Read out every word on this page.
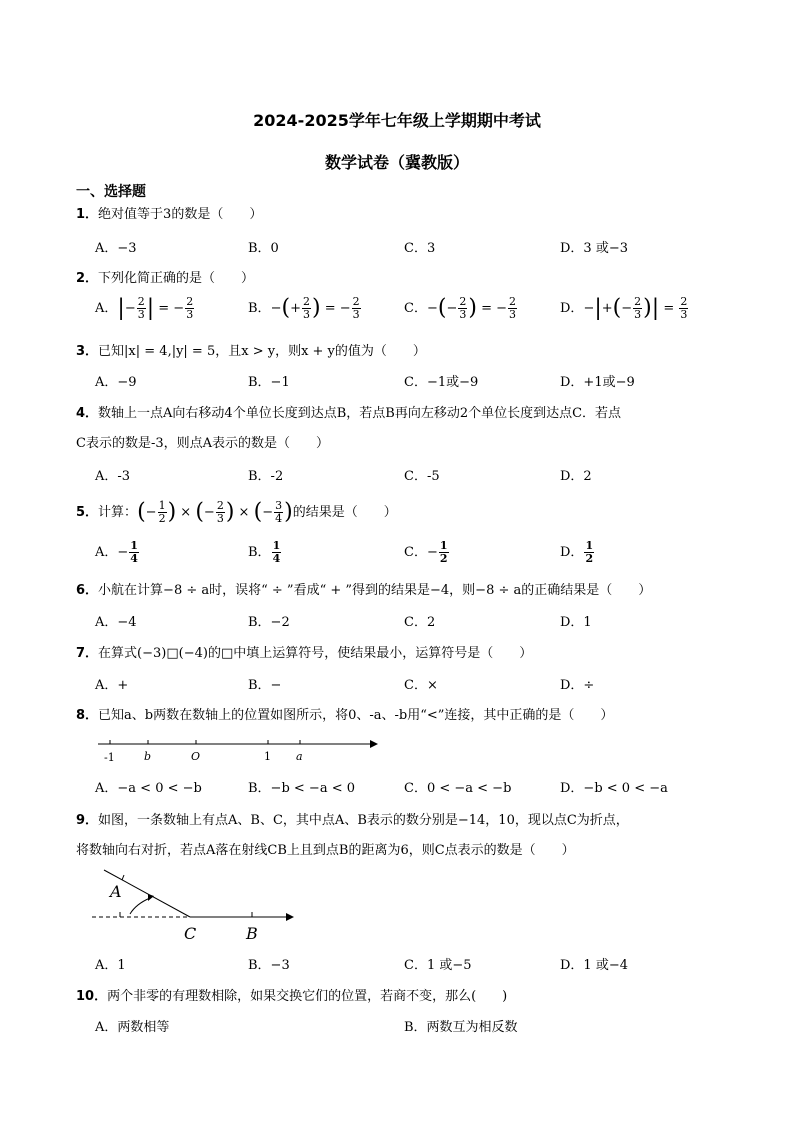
2024-2025学年七年级上学期期中考试
数学试卷（冀教版）
一、选择题
1．绝对值等于3的数是（　　）
A．−3	B．0	C．3	D．3 或−3
2．下列化简正确的是（　　）
A．|− $\frac{2}{3}$ | = − $\frac{2}{3}$	B．−(+ $\frac{2}{3}$ ) = − $\frac{2}{3}$	C．−(− $\frac{2}{3}$ ) = − $\frac{2}{3}$	D．−|+(− $\frac{2}{3}$ )| = $\frac{2}{3}$
3．已知|x| = 4,|y| = 5，且x > y，则x + y的值为（　　）
A．−9	B．−1	C．−1或−9	D．+1或−9
4．数轴上一点A向右移动4个单位长度到达点B，若点B再向左移动2个单位长度到达点C．若点
C表示的数是-3，则点A表示的数是（　　）
A．-3	B．-2	C．-5	D．2
5．计算：(− $\frac{1}{2}$ ) × (− $\frac{2}{3}$ ) × (− $\frac{3}{4}$ )的结果是（　　）
A．− $\frac{1}{4}$	B． $\frac{1}{4}$	C．− $\frac{1}{2}$	D． $\frac{1}{2}$
6．小航在计算−8 ÷ a时，误将“ ÷ ”看成“ + ”得到的结果是−4，则−8 ÷ a的正确结果是（　　）
A．−4	B．−2	C．2	D．1
7．在算式(−3)□(−4)的□中填上运算符号，使结果最小，运算符号是（　　）
A．+	B．−	C．×	D．÷
8．已知a、b两数在数轴上的位置如图所示，将0、-a、-b用“<”连接，其中正确的是（　　）
-1	b	O	1 a
A．−a < 0 < −b	B．−b < −a < 0	C．0 < −a < −b	D．−b < 0 < −a
9．如图，一条数轴上有点A、B、C，其中点A、B表示的数分别是−14，10，现以点C为折点，
将数轴向右对折，若点A落在射线CB上且到点B的距离为6，则C点表示的数是（　　）
A
C	B
A．1	B．−3	C．1 或−5	D．1 或−4
10．两个非零的有理数相除，如果交换它们的位置，若商不变，那么(　　)
A．两数相等	B．两数互为相反数
